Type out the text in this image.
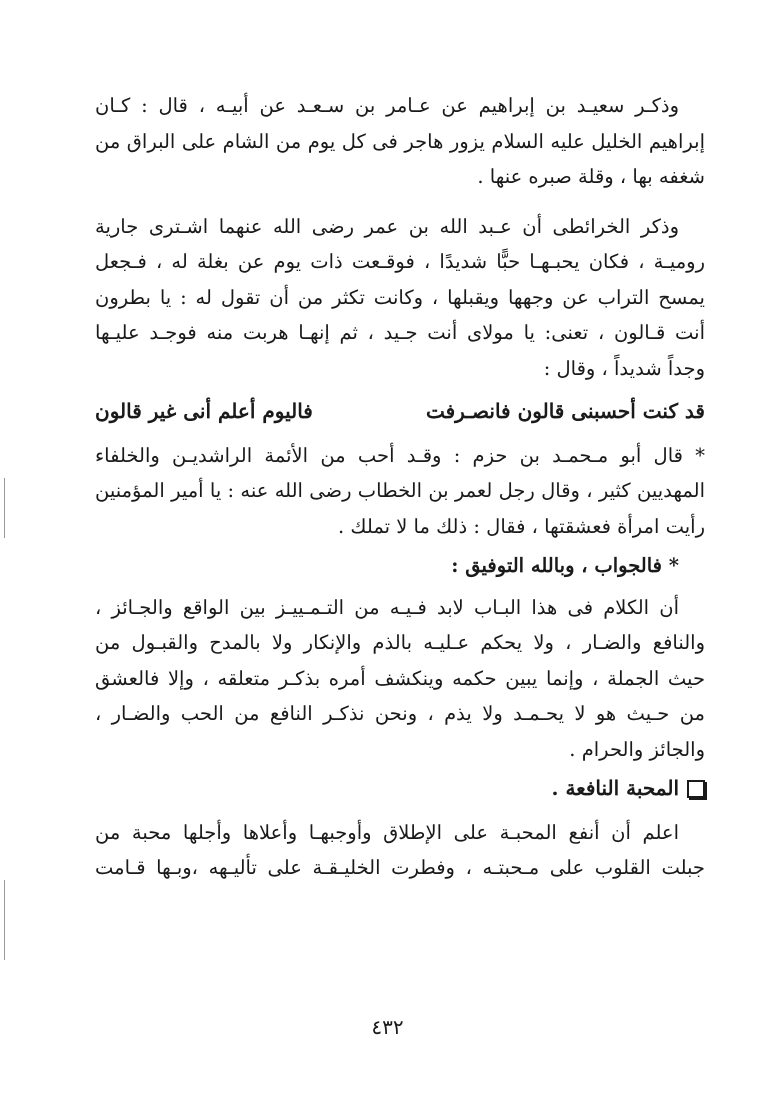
وذكـر سعيـد بن إبراهيم عن عـامر بن سـعـد عن أبيـه ، قال : كـان
إبراهيم الخليل عليه السلام يزور هاجر فى كل يوم من الشام على البراق من
شغفه بها ، وقلة صبره عنها .
وذكر الخرائطى أن عـبد الله بن عمر رضى الله عنهما اشـترى جارية
روميـة ، فكان يحبـهـا حبًّا شديدًا ، فوقـعت ذات يوم عن بغلة له ، فـجعل
يمسح التراب عن وجهها ويقبلها ، وكانت تكثر من أن تقول له : يا بطرون
أنت قـالون ، تعنى: يا مولاى أنت جـيد ، ثم إنهـا هربت منه فوجـد عليـها
وجداً شديداً ، وقال :
قد كنت أحسبنى قالون فانصـرفت
فاليوم أعلم أنى غير قالون
* قال أبو مـحمـد بن حزم : وقـد أحب من الأئمة الراشديـن والخلفاء
المهديين كثير ، وقال رجل لعمر بن الخطاب رضى الله عنه : يا أمير المؤمنين
رأيت امرأة فعشقتها ، فقال : ذلك ما لا تملك .
* فالجواب ، وبالله التوفيق :
أن الكلام فى هذا البـاب لابد فـيـه من التـمـييـز بين الواقع والجـائز ،
والنافع والضـار ، ولا يحكم عـليـه بالذم والإنكار ولا بالمدح والقبـول من
حيث الجملة ، وإنما يبين حكمه وينكشف أمره بذكـر متعلقه ، وإلا فالعشق
من حـيث هو لا يحـمـد ولا يذم ، ونحن نذكـر النافع من الحب والضـار ،
والجائز والحرام .
المحبة النافعة .
اعلم أن أنفع المحبـة على الإطلاق وأوجبهـا وأعلاها وأجلها محبة من
جبلت القلوب على مـحبتـه ، وفطرت الخليـقـة على تأليـهه ،وبـها قـامت
٤٣٢
